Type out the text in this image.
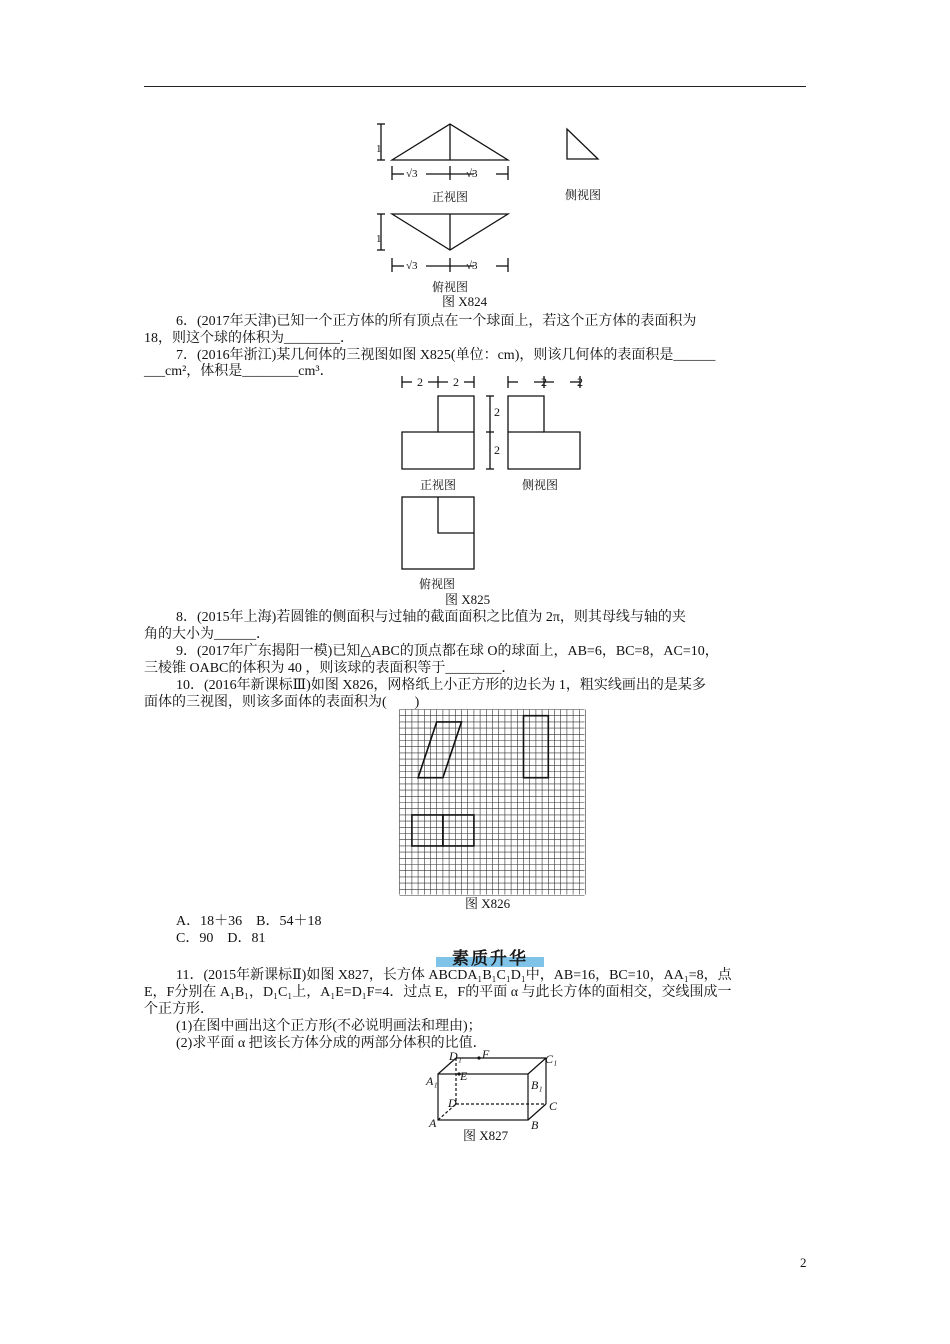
1
√3	√3
正视图	侧视图
1
√3	√3
俯视图
图 X824
6．(2017年天津)已知一个正方体的所有顶点在一个球面上，若这个正方体的表面积为
18，则这个球的体积为________．
7．(2016年浙江)某几何体的三视图如图 X825(单位：cm)，则该几何体的表面积是______
___cm²，体积是________cm³．
2	2
2
2
2	2
正视图	侧视图
俯视图
图 X825
8．(2015年上海)若圆锥的侧面积与过轴的截面面积之比值为 2π，则其母线与轴的夹
角的大小为______．
9．(2017年广东揭阳一模)已知△ABC的顶点都在球 O的球面上，AB=6，BC=8，AC=10，
三棱锥 OABC的体积为 40 ，则该球的表面积等于________．
10．(2016年新课标Ⅲ)如图 X826，网格纸上小正方形的边长为 1，粗实线画出的是某多
面体的三视图，则该多面体的表面积为(　　)
图 X826
A．18＋36　B．54＋18
C．90　D．81
素质升华
11．(2015年新课标Ⅱ)如图 X827，长方体 ABCDA₁B₁C₁D₁中，AB=16，BC=10，AA₁=8，点
E，F分别在 A₁B₁，D₁C₁上，A₁E=D₁F=4．过点 E，F的平面 α 与此长方体的面相交，交线围成一
个正方形．
(1)在图中画出这个正方形(不必说明画法和理由)；
(2)求平面 α 把该长方体分成的两部分体积的比值．
D₁ F	C₁
A₁ E
B₁
D	C
A	B
图 X827
2
